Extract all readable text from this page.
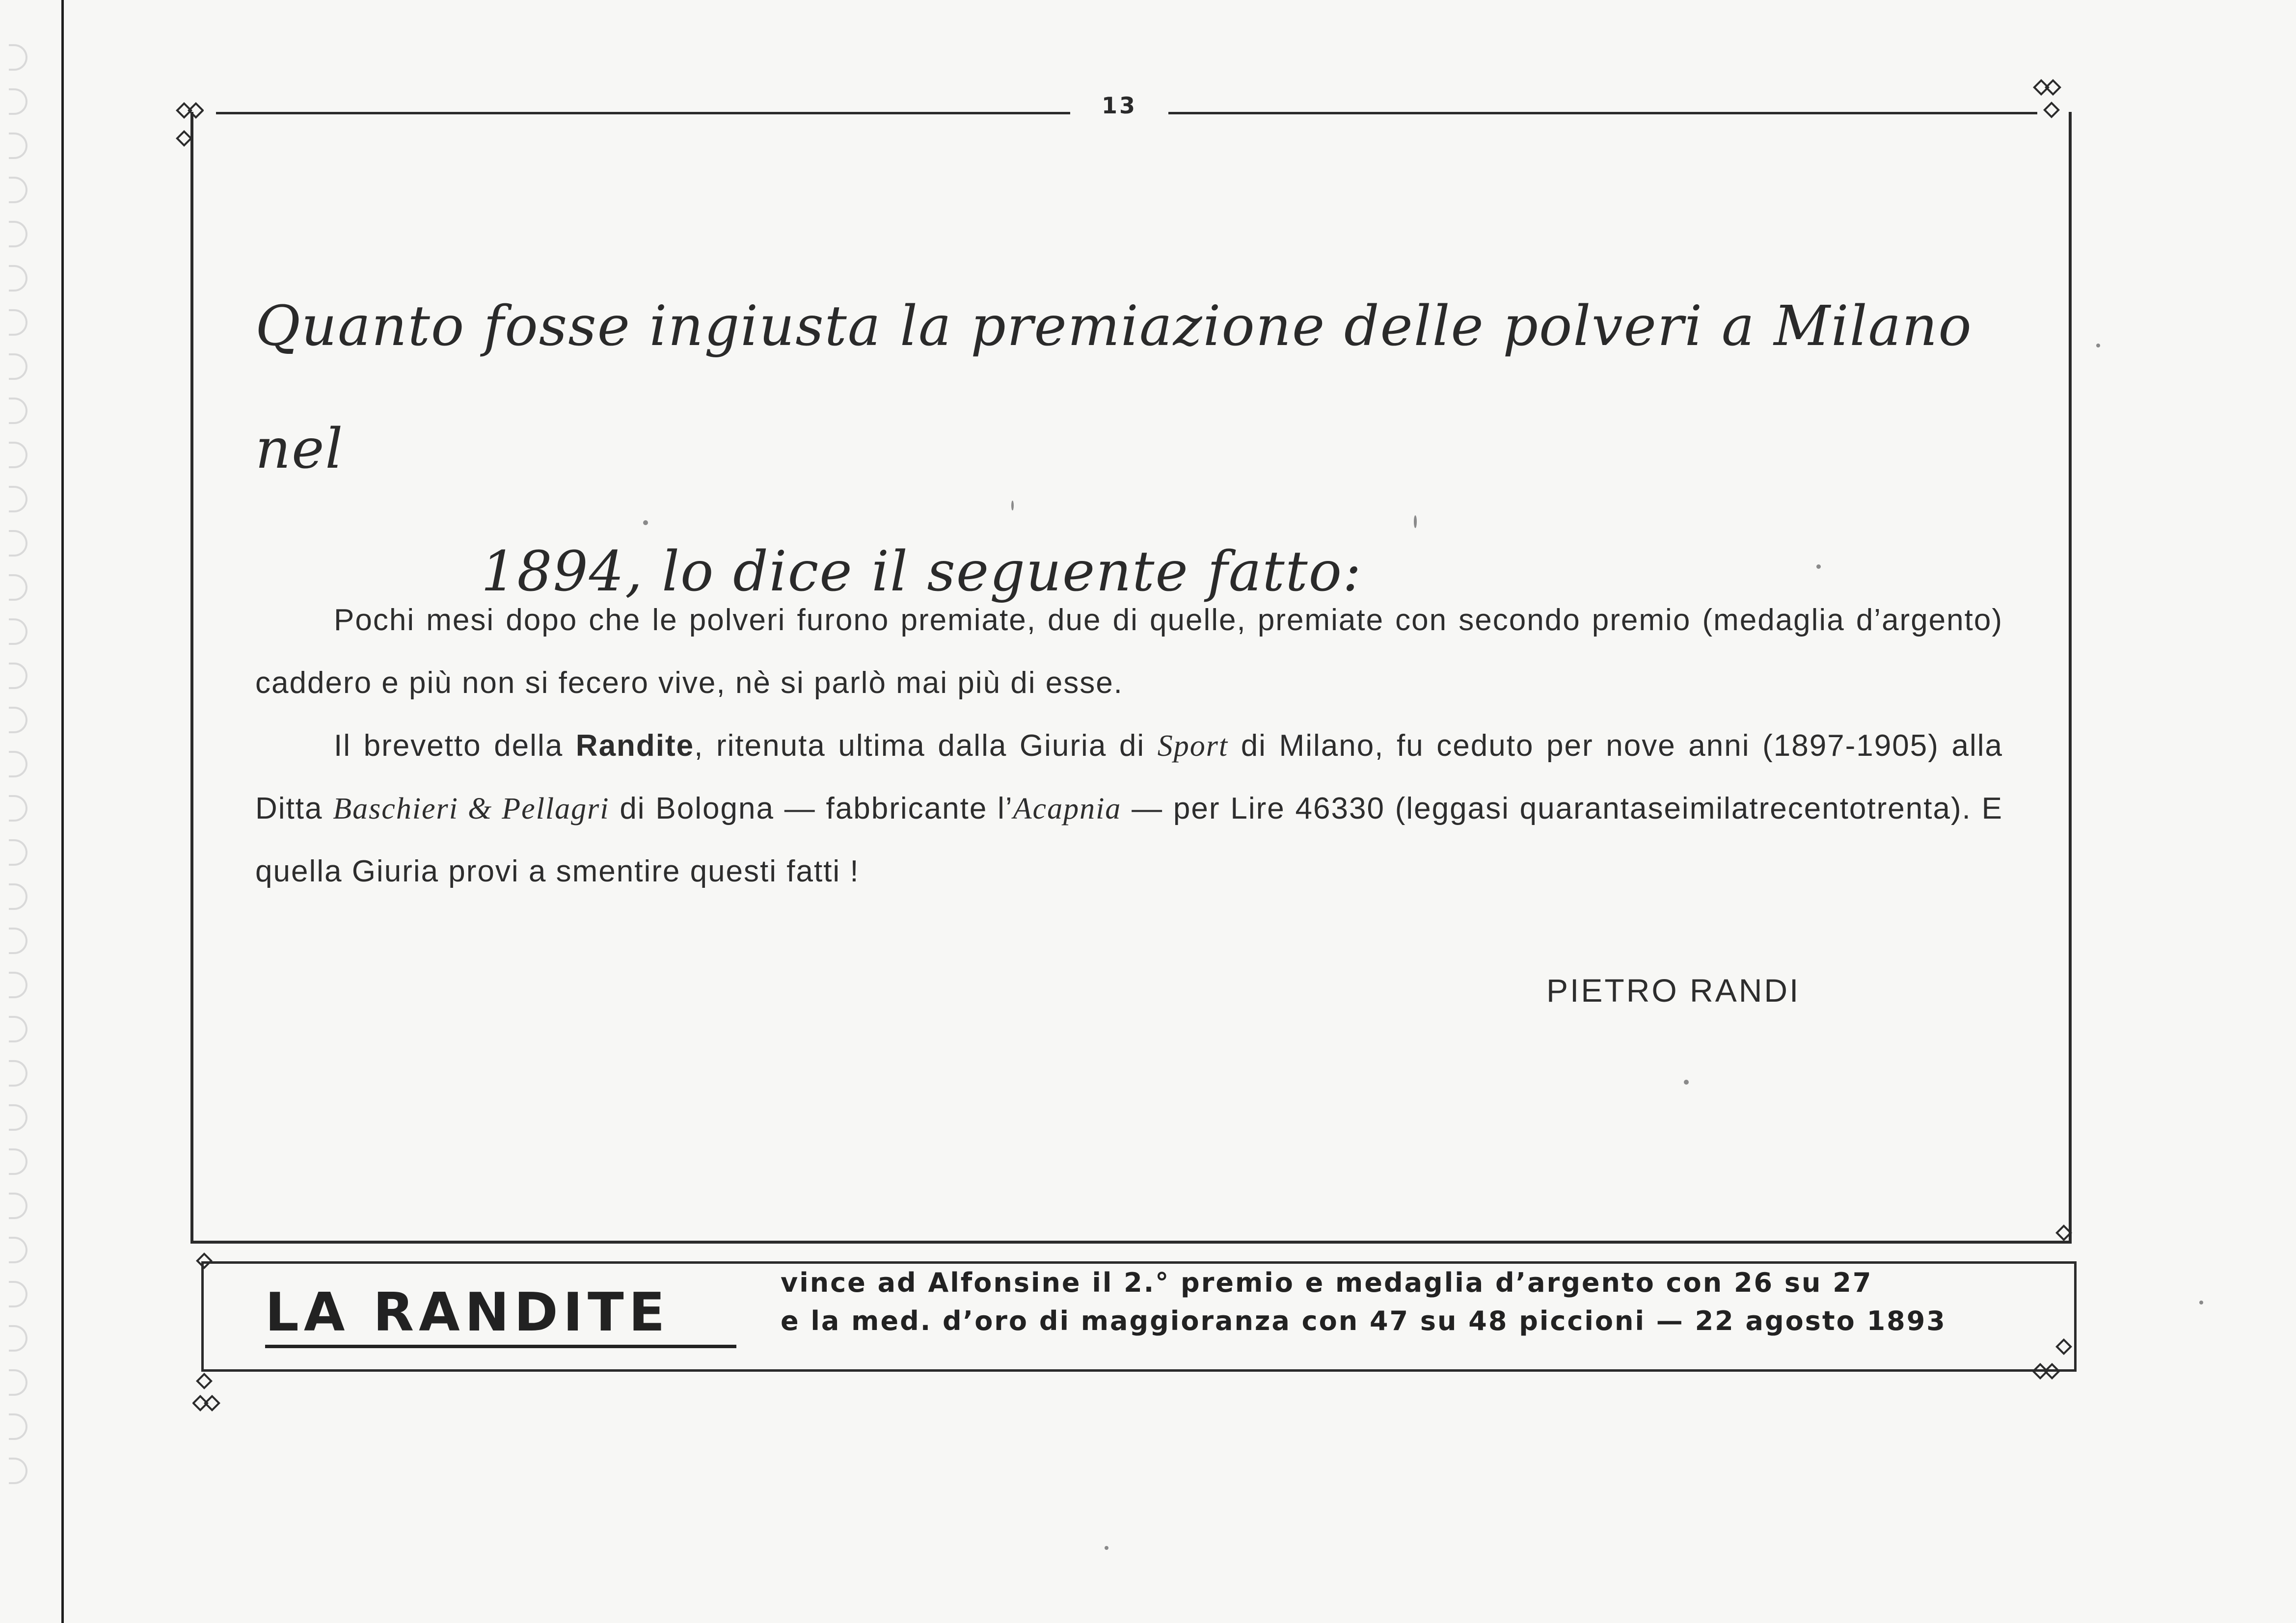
13
Quanto fosse ingiusta la premiazione delle polveri a Milano nel
1894, lo dice il seguente fatto:

Pochi mesi dopo che le polveri furono premiate, due di quelle, premiate con secondo premio (medaglia d’argento) caddero e più non si fecero vive, nè si parlò mai più di esse.

Il brevetto della Randite, ritenuta ultima dalla Giuria di Sport di Milano, fu ceduto per nove anni (1897-1905) alla Ditta Baschieri & Pellagri di Bologna — fabbricante l’Acapnia — per Lire 46330 (leggasi quarantaseimilatrecentotrenta). E quella Giuria provi a smentire questi fatti !

PIETRO RANDI
LA RANDITE	vince ad Alfonsine il 2.° premio e medaglia d’argento con 26 su 27
e la med. d’oro di maggioranza con 47 su 48 piccioni — 22 agosto 1893
